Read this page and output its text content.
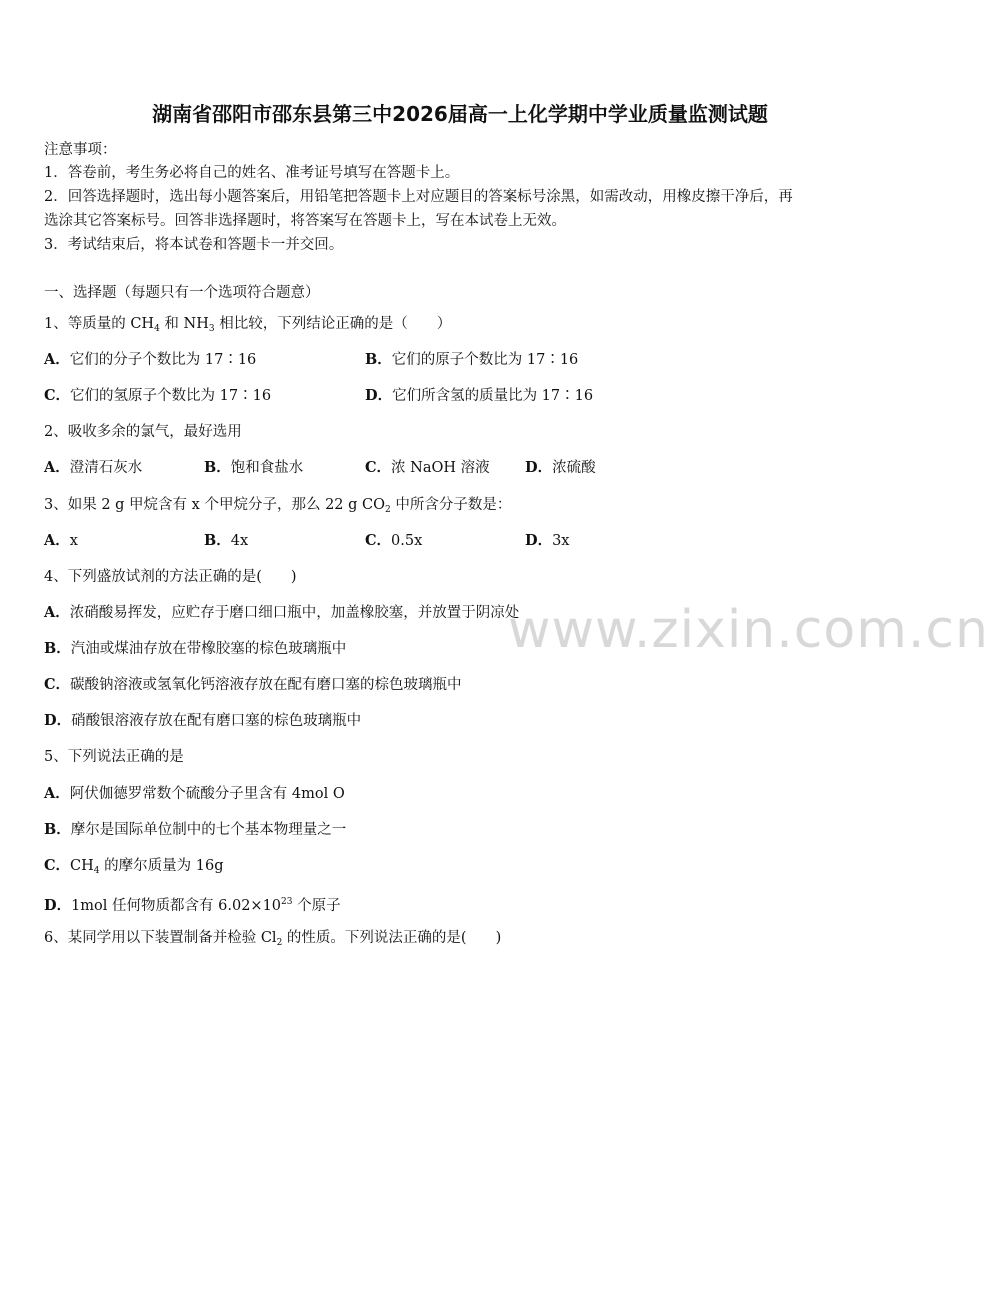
湖南省邵阳市邵东县第三中2026届高一上化学期中学业质量监测试题
注意事项：
1．答卷前，考生务必将自己的姓名、准考证号填写在答题卡上。
2．回答选择题时，选出每小题答案后，用铅笔把答题卡上对应题目的答案标号涂黑，如需改动，用橡皮擦干净后，再
选涂其它答案标号。回答非选择题时，将答案写在答题卡上，写在本试卷上无效。
3．考试结束后，将本试卷和答题卡一并交回。
一、选择题（每题只有一个选项符合题意）
1、等质量的 $CH_4$ 和 $NH_3$ 相比较，下列结论正确的是（　　）
A．它们的分子个数比为 17∶16	B．它们的原子个数比为 17∶16
C．它们的氢原子个数比为 17∶16	D．它们所含氢的质量比为 17∶16
2、吸收多余的氯气，最好选用
A．澄清石灰水	B．饱和食盐水	C．浓 NaOH 溶液 D．浓硫酸
3、如果 2 g 甲烷含有 x 个甲烷分子，那么 22 g $CO_2$ 中所含分子数是：
A．x	B．4x	C．0.5x	D．3x
4、下列盛放试剂的方法正确的是(　　)
A．浓硝酸易挥发，应贮存于磨口细口瓶中，加盖橡胶塞，并放置于阴凉处
B．汽油或煤油存放在带橡胶塞的棕色玻璃瓶中
C．碳酸钠溶液或氢氧化钙溶液存放在配有磨口塞的棕色玻璃瓶中
D．硝酸银溶液存放在配有磨口塞的棕色玻璃瓶中
5、下列说法正确的是
A．阿伏伽德罗常数个硫酸分子里含有 4mol O
B．摩尔是国际单位制中的七个基本物理量之一
C．$CH_4$ 的摩尔质量为 16g
D．1mol 任何物质都含有 $6.02\times 10^{23}$ 个原子
6、某同学用以下装置制备并检验 $Cl_2$ 的性质。下列说法正确的是(　　)
www.zixin.com.cn
